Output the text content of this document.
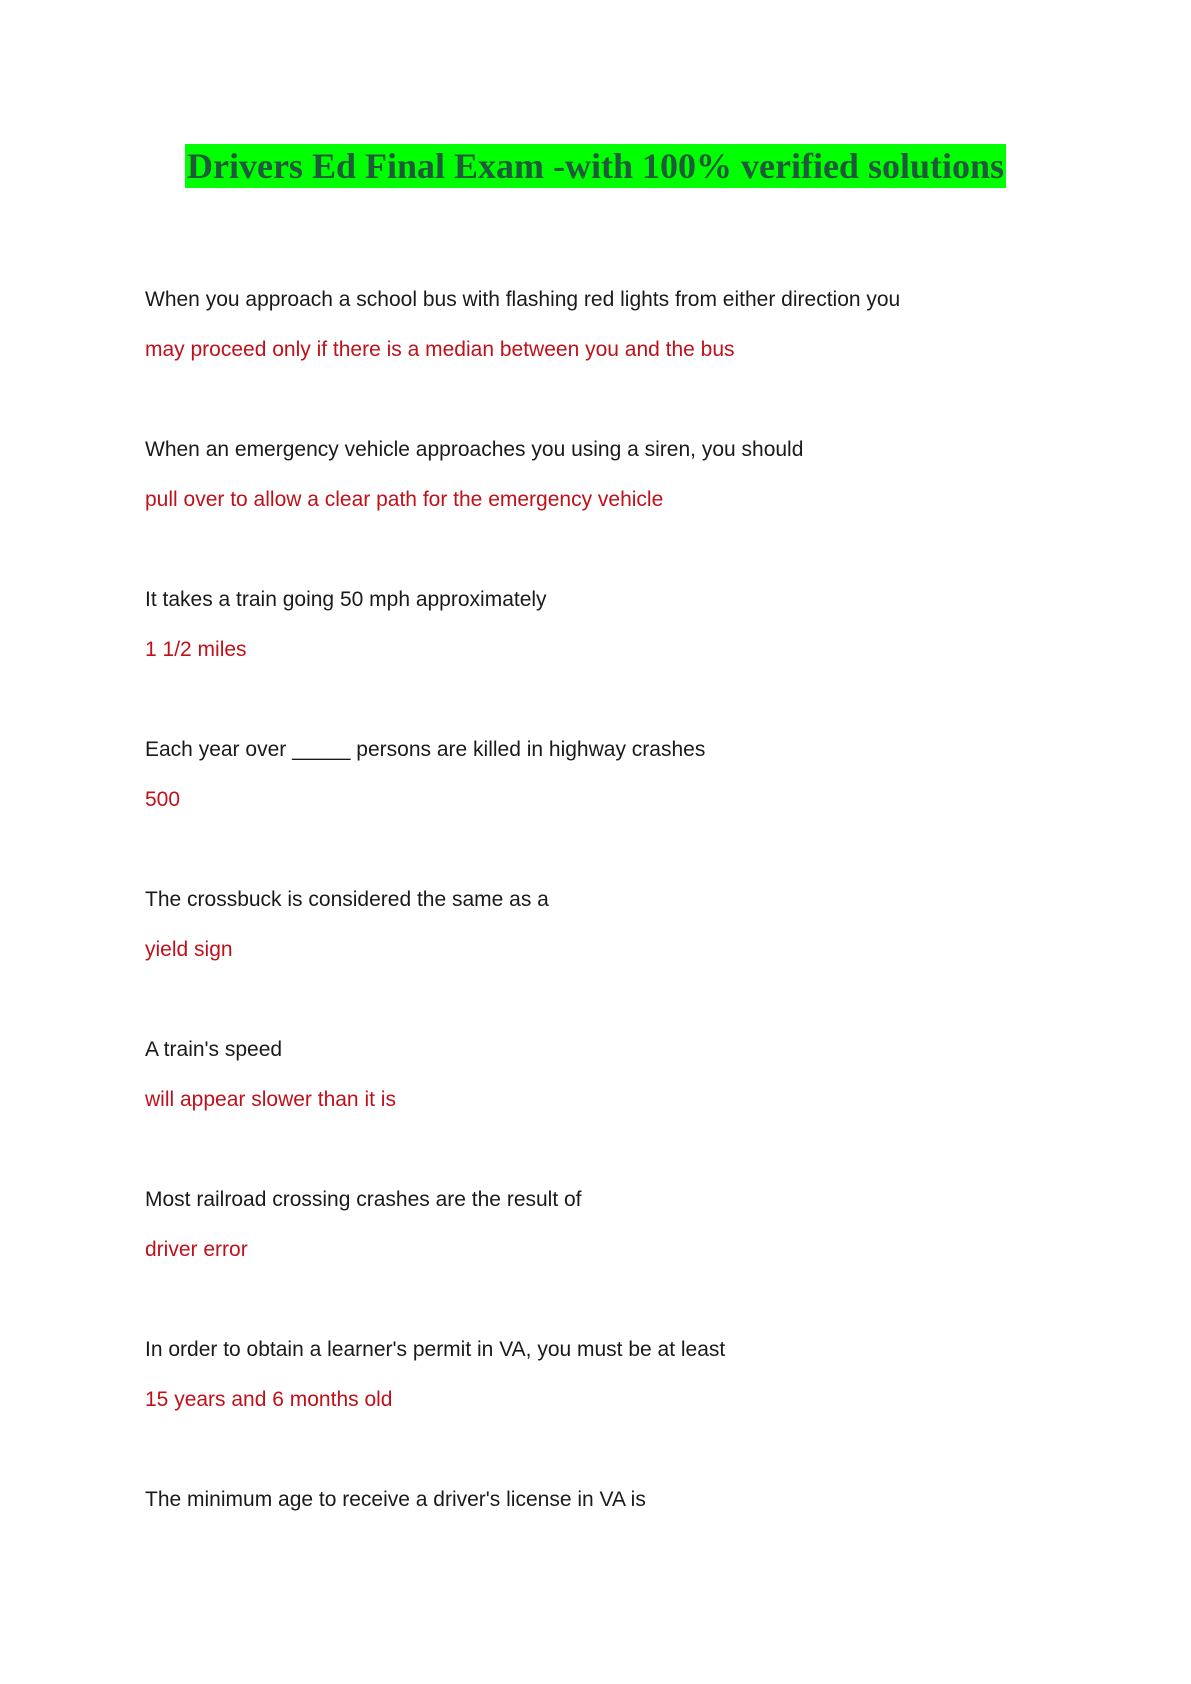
Drivers Ed Final Exam -with 100% verified solutions
When you approach a school bus with flashing red lights from either direction you
may proceed only if there is a median between you and the bus
When an emergency vehicle approaches you using a siren, you should
pull over to allow a clear path for the emergency vehicle
It takes a train going 50 mph approximately
1 1/2 miles
Each year over _____ persons are killed in highway crashes
500
The crossbuck is considered the same as a
yield sign
A train's speed
will appear slower than it is
Most railroad crossing crashes are the result of
driver error
In order to obtain a learner's permit in VA, you must be at least
15 years and 6 months old
The minimum age to receive a driver's license in VA is
